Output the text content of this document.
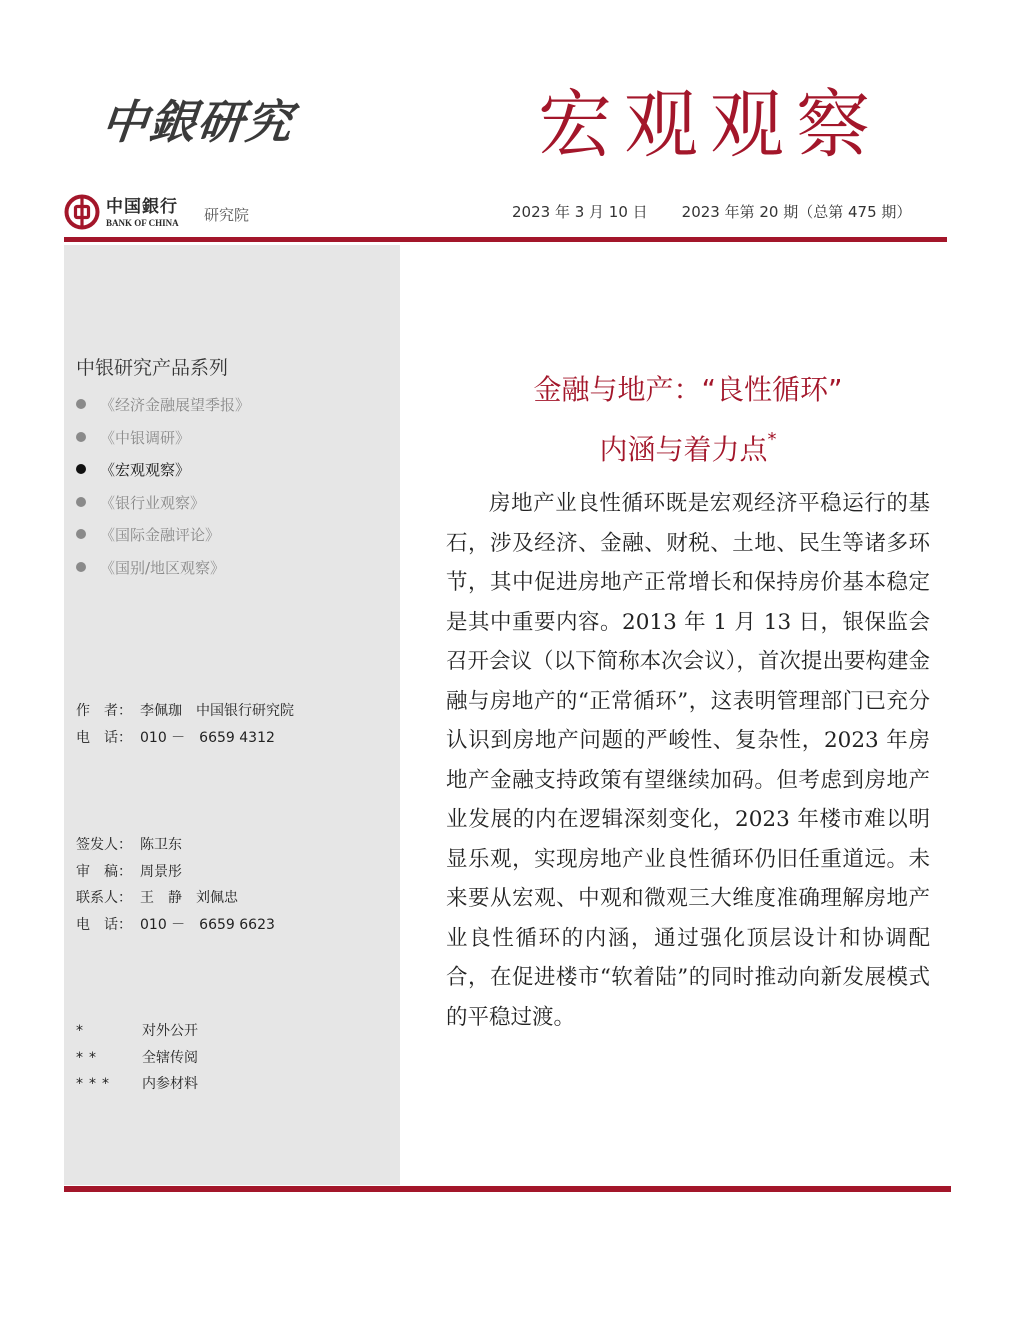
中銀研究	宏观观察
中国銀行
BANK OF CHINA 研究院	2023 年 3 月 10 日 2023 年第 20 期（总第 475 期）
中银研究产品系列
《经济金融展望季报》
《中银调研》
《宏观观察》
《银行业观察》
《国际金融评论》
《国别/地区观察》
作　者： 李佩珈　中国银行研究院
电　话： 010 －　6659 4312
签发人： 陈卫东
审　稿： 周景彤
联系人： 王　静　刘佩忠
电　话： 010 －　6659 6623
*	对外公开
**	全辖传阅
*** 内参材料
金融与地产：“良性循环”
内涵与着力点*

房地产业良性循环既是宏观经济平稳运行的基石，涉及经济、金融、财税、土地、民生等诸多环节，其中促进房地产正常增长和保持房价基本稳定是其中重要内容。2013 年 1 月 13 日，银保监会召开会议（以下简称本次会议），首次提出要构建金融与房地产的“正常循环”，这表明管理部门已充分认识到房地产问题的严峻性、复杂性，2023 年房地产金融支持政策有望继续加码。但考虑到房地产业发展的内在逻辑深刻变化，2023 年楼市难以明显乐观，实现房地产业良性循环仍旧任重道远。未来要从宏观、中观和微观三大维度准确理解房地产业良性循环的内涵，通过强化顶层设计和协调配合，在促进楼市“软着陆”的同时推动向新发展模式的平稳过渡。
